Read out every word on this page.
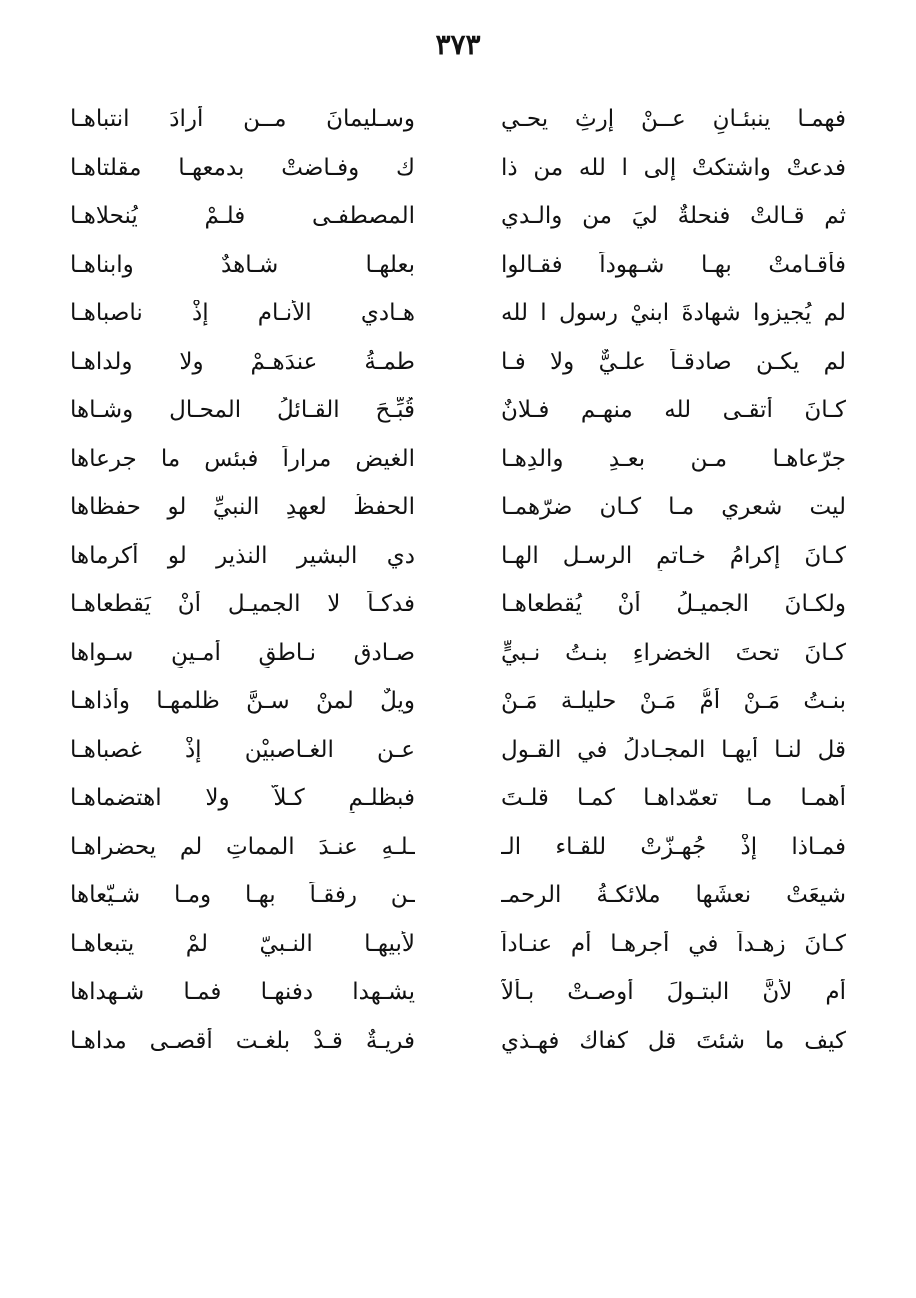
٣٧٣
فهمـا ينبئـانِ عــنْ إرثِ يحـي
وسـليمانَ مــن أرادَ انتباهـا
فدعتْ واشتكتْ إلى ا لله من ذا
ك وفـاضتْ بدمعهـا مقلتاهـا
ثم قـالتْ فنحلةٌ ليَ من والـدي
المصطفـى فلـمْ يُنحلاهـا
فأقـامتْ بهـا شـهوداً فقـالوا
بعلهـا شـاهدٌ وابناهـا
لم يُجيزوا شهادةَ ابنيْ رسول ا لله
هـادي الأنـام إذْ ناصباهـا
لم يكـن صادقـاً علـيٌّ ولا فـا
طمـةُ عندَهـمْ ولا ولداهـا
كـانَ أتقـى لله منهـم فـلانٌ
قُبِّـحَ القـائلُ المحـال وشـاها
جرّعاهـا مـن بعـدِ والدِهـا
الغيض مراراً فبئس ما جرعاها
ليت شعري مـا كـان ضرّهمـا
الحفظُ لعهدِ النبيِّ لو حفظاها
كـانَ إكرامُ خـاتمِ الرسـل الهـا
دي البشير النذير لو أكرماها
ولكـانَ الجميـلُ أنْ يُقطعاهـا
فدكـاً لا الجميـل أنْ يَقطعاهـا
كـانَ تحتَ الخضراءِ بنـتُ نـبيٍّ
صـادق نـاطقٍ أمـينٍ سـواها
بنـتُ مَـنْ أمُّ مَـنْ حليلـة مَـنْ
ويلٌ لمنْ سـنَّ ظلمهـا وأذاهـا
قل لنـا أيهـا المجـادلُ في القـول
عـن الغـاصبيْن إذْ غصباهـا
أهمـا مـا تعمّداهـا كمـا قلـتَ
فبظلـمٍ كـلاّ ولا اهتضماهـا
فمـاذا إذْ جُهـزّتْ للقـاء الـ
ـلـهِ عنـدَ المماتِ لم يحضراهـا
شيعَتْ نعشَها ملائكـةُ الرحمـ
ـن رفقـاً بهـا ومـا شـيّعاها
كـانَ زهـداً في أجرهـا أم عنـاداً
لأبيهـا النـبيّ لمْ يتبعاهـا
أم لأنَّ البتـولَ أوصـتْ بـألاّ
يشـهدا دفنهـا فمـا شـهداها
كيف ما شئتَ قل كفاك فهـذي
فريـةٌ قـدْ بلغـت أقصـى مداهـا
